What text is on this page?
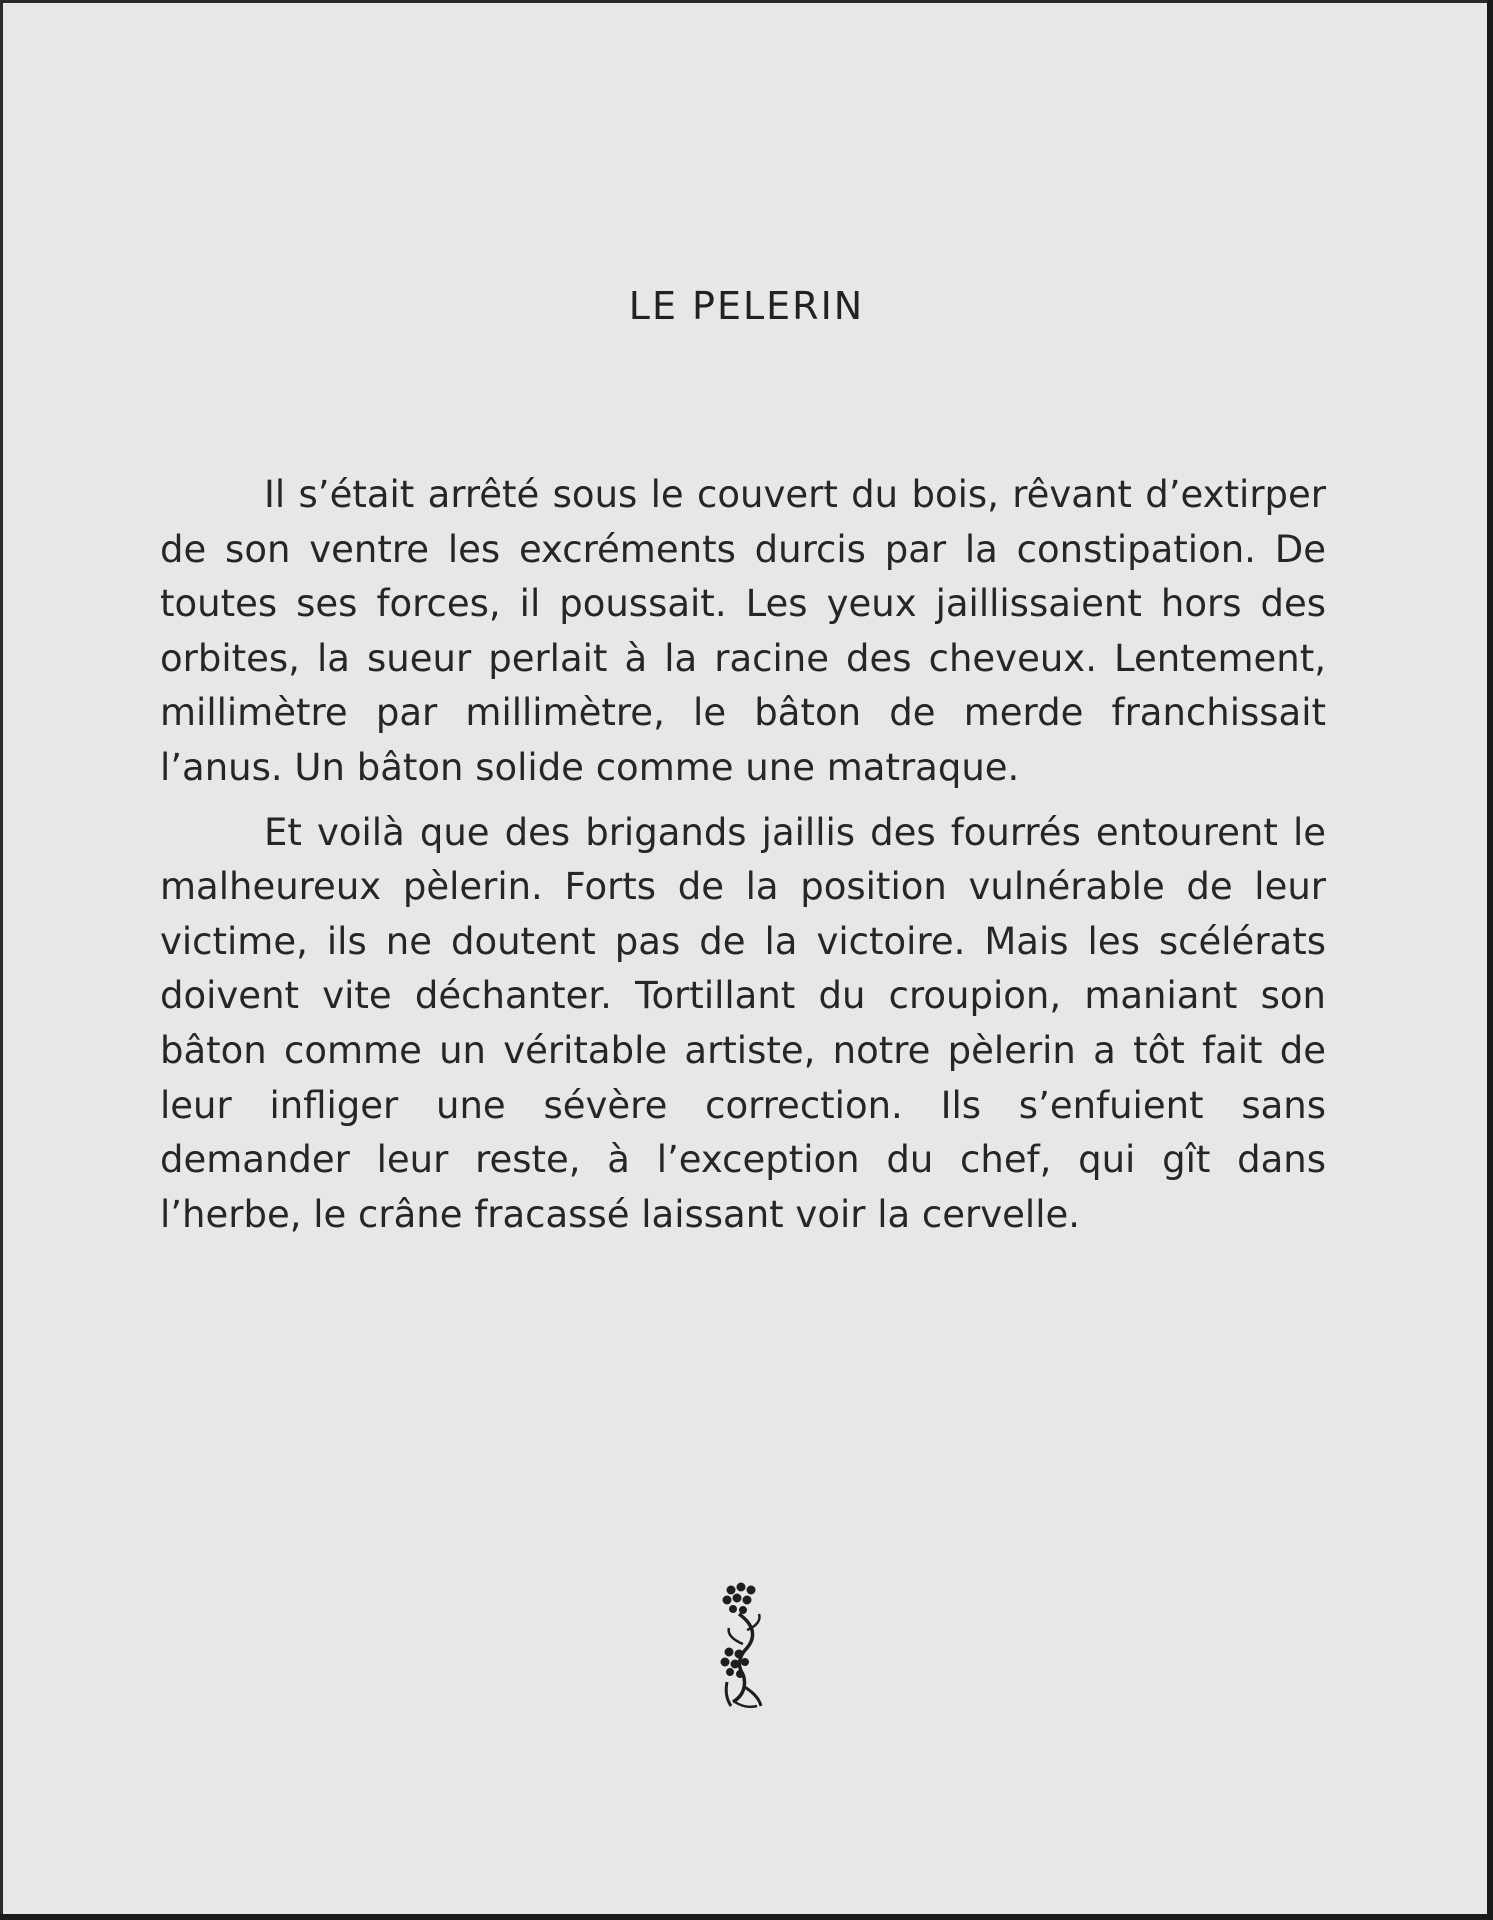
LE PELERIN

Il s’était arrêté sous le couvert du bois, rêvant d’extirper de son ventre les excréments durcis par la constipation. De toutes ses forces, il poussait. Les yeux jaillissaient hors des orbites, la sueur perlait à la racine des cheveux. Lentement, millimètre par millimètre, le bâton de merde franchissait l’anus. Un bâton solide comme une matraque.

Et voilà que des brigands jaillis des fourrés entourent le malheureux pèlerin. Forts de la position vulnérable de leur victime, ils ne doutent pas de la victoire. Mais les scélérats doivent vite déchanter. Tortillant du croupion, maniant son bâton comme un véritable artiste, notre pèlerin a tôt fait de leur infliger une sévère correction. Ils s’enfuient sans demander leur reste, à l’exception du chef, qui gît dans l’herbe, le crâne fracassé laissant voir la cervelle.
